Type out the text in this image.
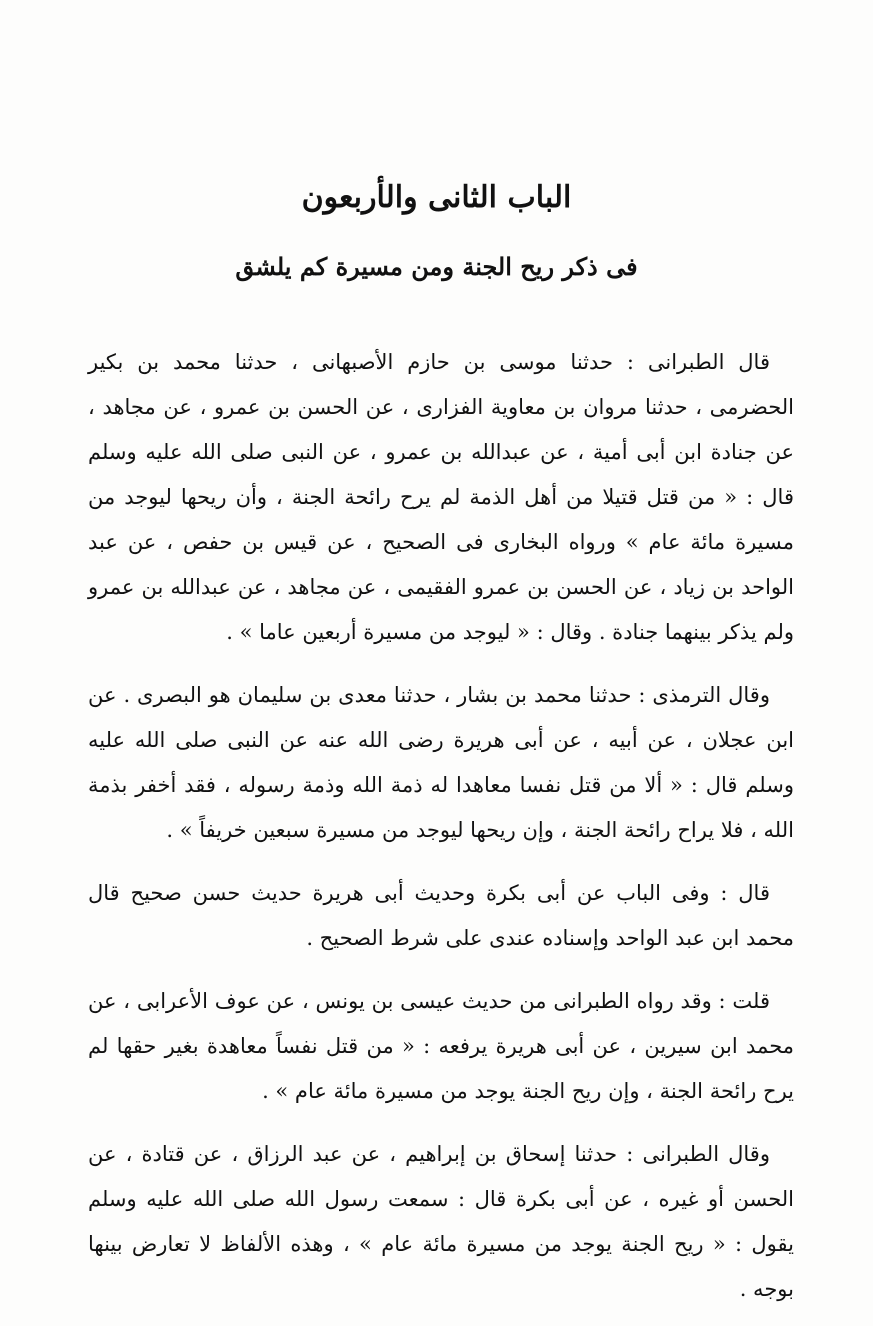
الباب الثانى والأربعون
فى ذكر ريح الجنة ومن مسيرة كم يلشق

قال الطبرانى : حدثنا موسى بن حازم الأصبهانى ، حدثنا محمد بن بكير الحضرمى ، حدثنا مروان بن معاوية الفزارى ، عن الحسن بن عمرو ، عن مجاهد ، عن جنادة ابن أبى أمية ، عن عبدالله بن عمرو ، عن النبى صلى الله عليه وسلم قال : « من قتل قتيلا من أهل الذمة لم يرح رائحة الجنة ، وأن ريحها ليوجد من مسيرة مائة عام » ورواه البخارى فى الصحيح ، عن قيس بن حفص ، عن عبد الواحد بن زياد ، عن الحسن بن عمرو الفقيمى ، عن مجاهد ، عن عبدالله بن عمرو ولم يذكر بينهما جنادة . وقال : « ليوجد من مسيرة أربعين عاما » .

وقال الترمذى : حدثنا محمد بن بشار ، حدثنا معدى بن سليمان هو البصرى . عن ابن عجلان ، عن أبيه ، عن أبى هريرة رضى الله عنه عن النبى صلى الله عليه وسلم قال : « ألا من قتل نفسا معاهدا له ذمة الله وذمة رسوله ، فقد أخفر بذمة الله ، فلا يراح رائحة الجنة ، وإن ريحها ليوجد من مسيرة سبعين خريفاً » .

قال : وفى الباب عن أبى بكرة وحديث أبى هريرة حديث حسن صحيح قال محمد ابن عبد الواحد وإسناده عندى على شرط الصحيح .

قلت : وقد رواه الطبرانى من حديث عيسى بن يونس ، عن عوف الأعرابى ، عن محمد ابن سيرين ، عن أبى هريرة يرفعه : « من قتل نفساً معاهدة بغير حقها لم يرح رائحة الجنة ، وإن ريح الجنة يوجد من مسيرة مائة عام » .

وقال الطبرانى : حدثنا إسحاق بن إبراهيم ، عن عبد الرزاق ، عن قتادة ، عن الحسن أو غيره ، عن أبى بكرة قال : سمعت رسول الله صلى الله عليه وسلم يقول : « ريح الجنة يوجد من مسيرة مائة عام » ، وهذه الألفاظ لا تعارض بينها بوجه .
